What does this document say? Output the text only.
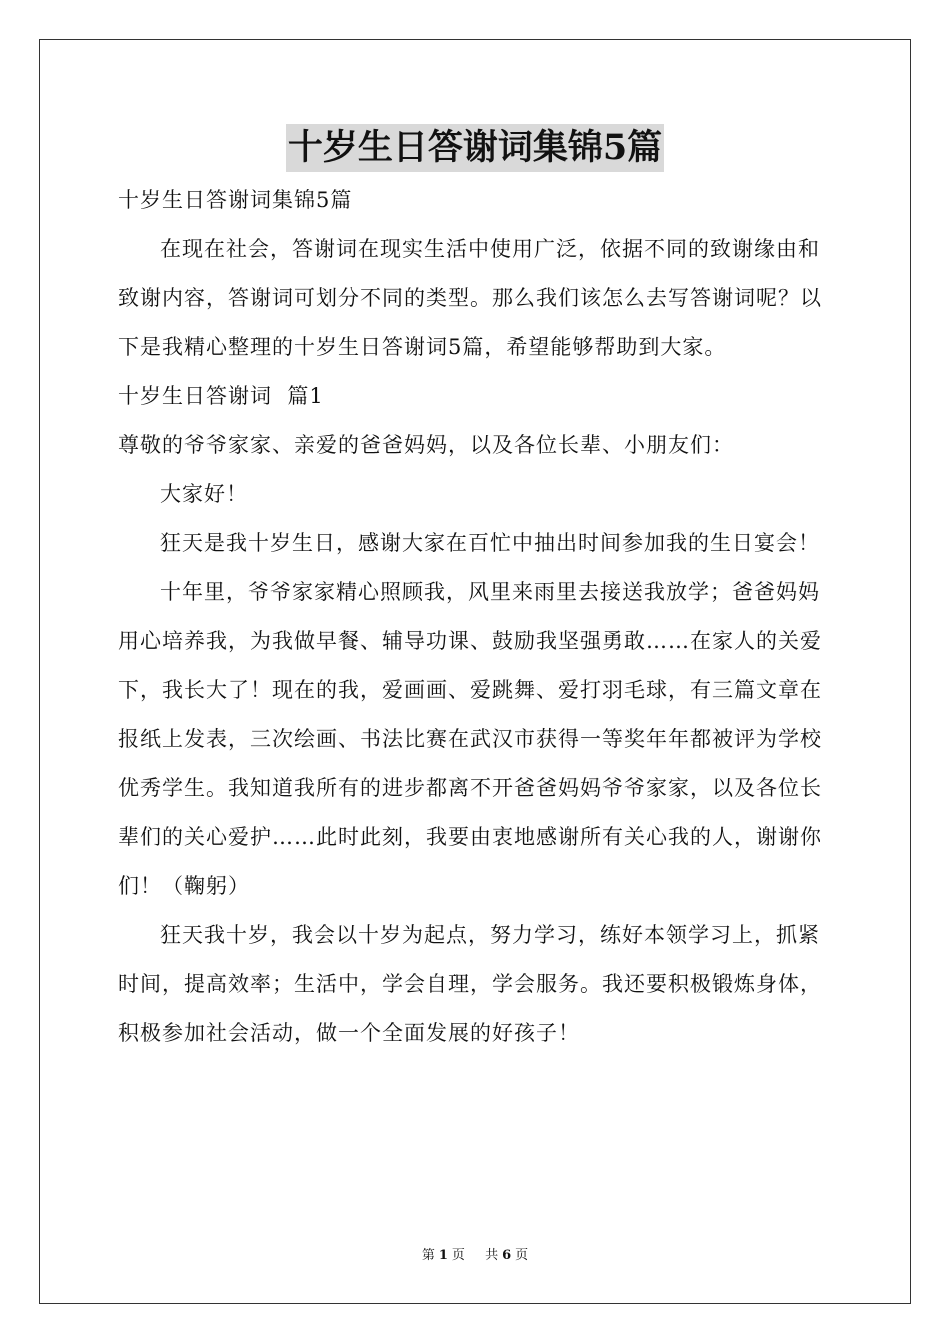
十岁生日答谢词集锦5篇

十岁生日答谢词集锦5篇

在现在社会，答谢词在现实生活中使用广泛，依据不同的致谢缘由和致谢内容，答谢词可划分不同的类型。那么我们该怎么去写答谢词呢？以下是我精心整理的十岁生日答谢词5篇，希望能够帮助到大家。

十岁生日答谢词  篇1

尊敬的爷爷家家、亲爱的爸爸妈妈，以及各位长辈、小朋友们：

大家好！

狂天是我十岁生日，感谢大家在百忙中抽出时间参加我的生日宴会！

十年里，爷爷家家精心照顾我，风里来雨里去接送我放学；爸爸妈妈用心培养我，为我做早餐、辅导功课、鼓励我坚强勇敢……在家人的关爱下，我长大了！现在的我，爱画画、爱跳舞、爱打羽毛球，有三篇文章在报纸上发表，三次绘画、书法比赛在武汉市获得一等奖年年都被评为学校优秀学生。我知道我所有的进步都离不开爸爸妈妈爷爷家家，以及各位长辈们的关心爱护……此时此刻，我要由衷地感谢所有关心我的人，谢谢你们！（鞠躬）

狂天我十岁，我会以十岁为起点，努力学习，练好本领学习上，抓紧时间，提高效率；生活中，学会自理，学会服务。我还要积极锻炼身体，积极参加社会活动，做一个全面发展的好孩子！

第 1 页 共 6 页
